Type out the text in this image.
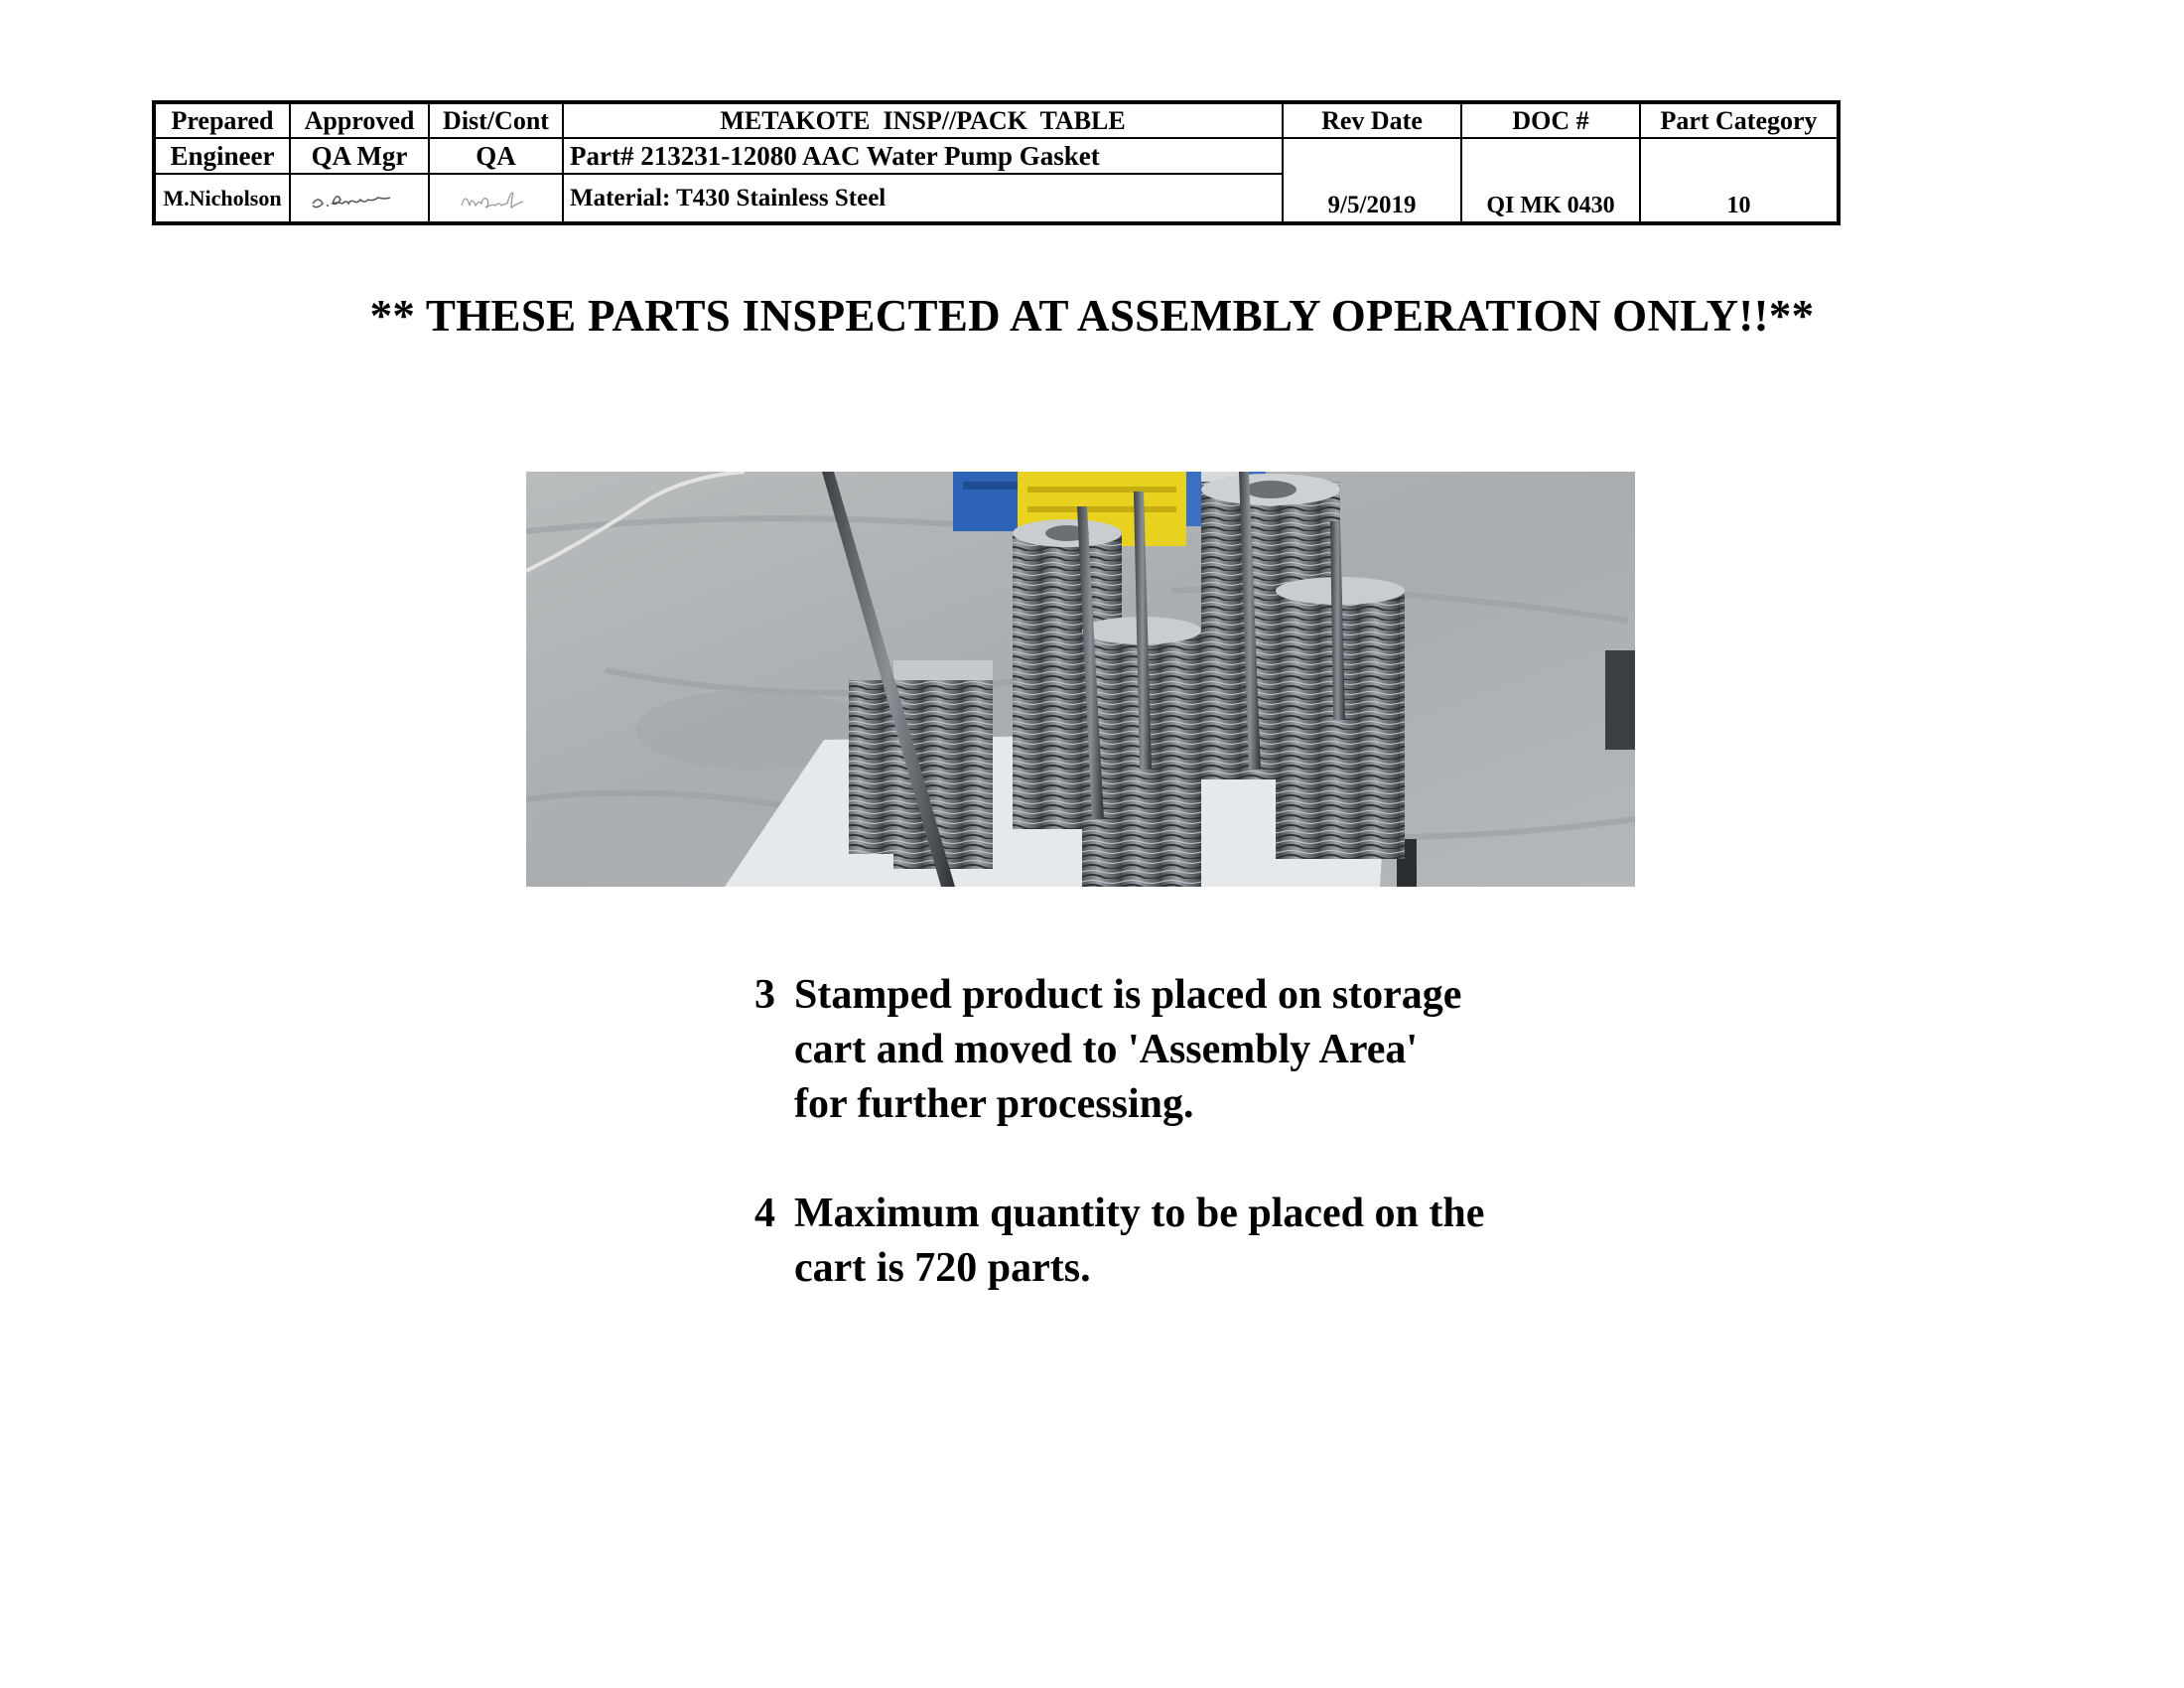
Prepared	Approved	Dist/Cont	METAKOTE  INSP//PACK  TABLE	Rev Date	DOC #	Part Category
Engineer	QA Mgr	QA	Part# 213231-12080 AAC Water Pump Gasket	9/5/2019	QI MK 0430	10
M.Nicholson			Material: T430 Stainless Steel			
** THESE PARTS INSPECTED AT ASSEMBLY OPERATION ONLY!!**
3 Stamped product is placed on storage
cart and moved to 'Assembly Area'
for further processing.
4 Maximum quantity to be placed on the
cart is 720 parts.
